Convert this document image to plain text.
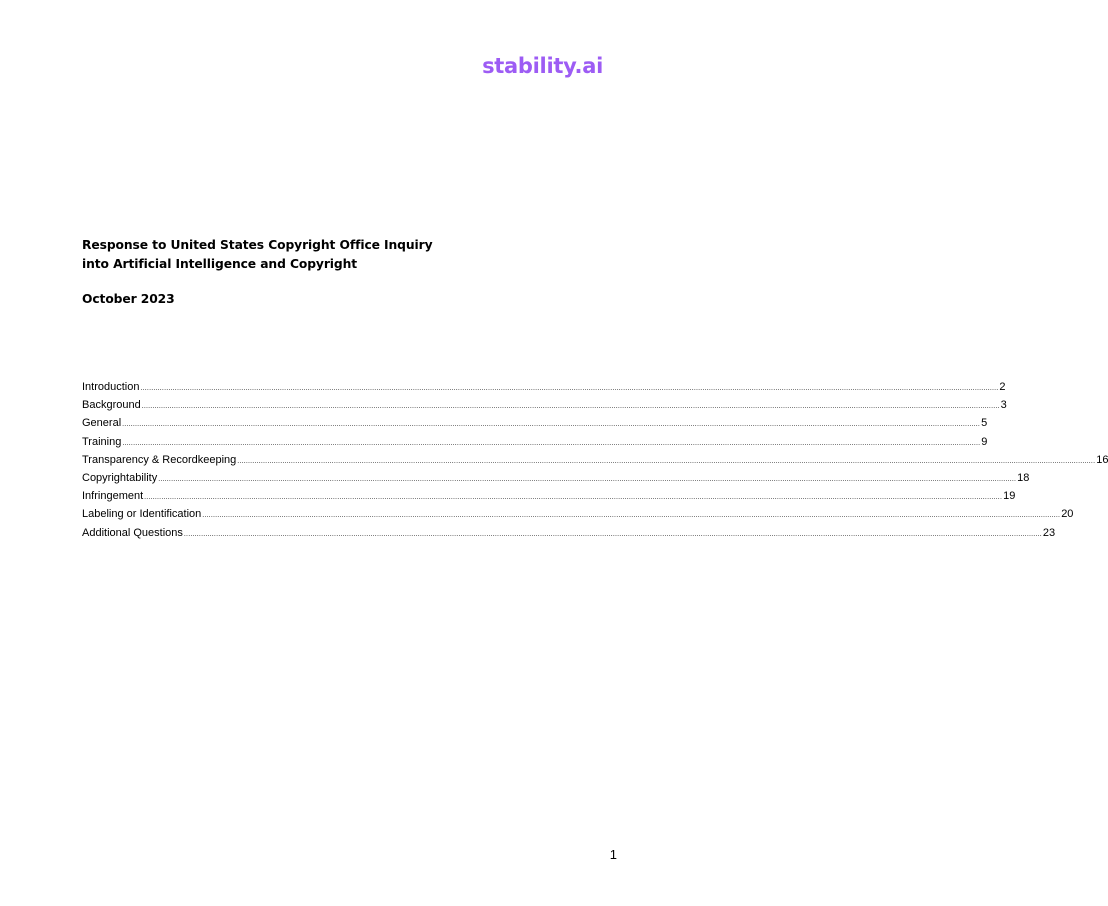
stability.ai
Response to United States Copyright Office Inquiry
into Artificial Intelligence and Copyright
October 2023
Introduction ................................................................................................................................................................................................................................................................................................................................................................................................................ 2
Background ................................................................................................................................................................................................................................................................................................................................................................................................................ 3
General ................................................................................................................................................................................................................................................................................................................................................................................................................ 5
Training ................................................................................................................................................................................................................................................................................................................................................................................................................ 9
Transparency & Recordkeeping ................................................................................................................................................................................................................................................................................................................................................................................................................ 16
Copyrightability ................................................................................................................................................................................................................................................................................................................................................................................................................ 18
Infringement ................................................................................................................................................................................................................................................................................................................................................................................................................ 19
Labeling or Identification ................................................................................................................................................................................................................................................................................................................................................................................................................ 20
Additional Questions ................................................................................................................................................................................................................................................................................................................................................................................................................ 23
1
